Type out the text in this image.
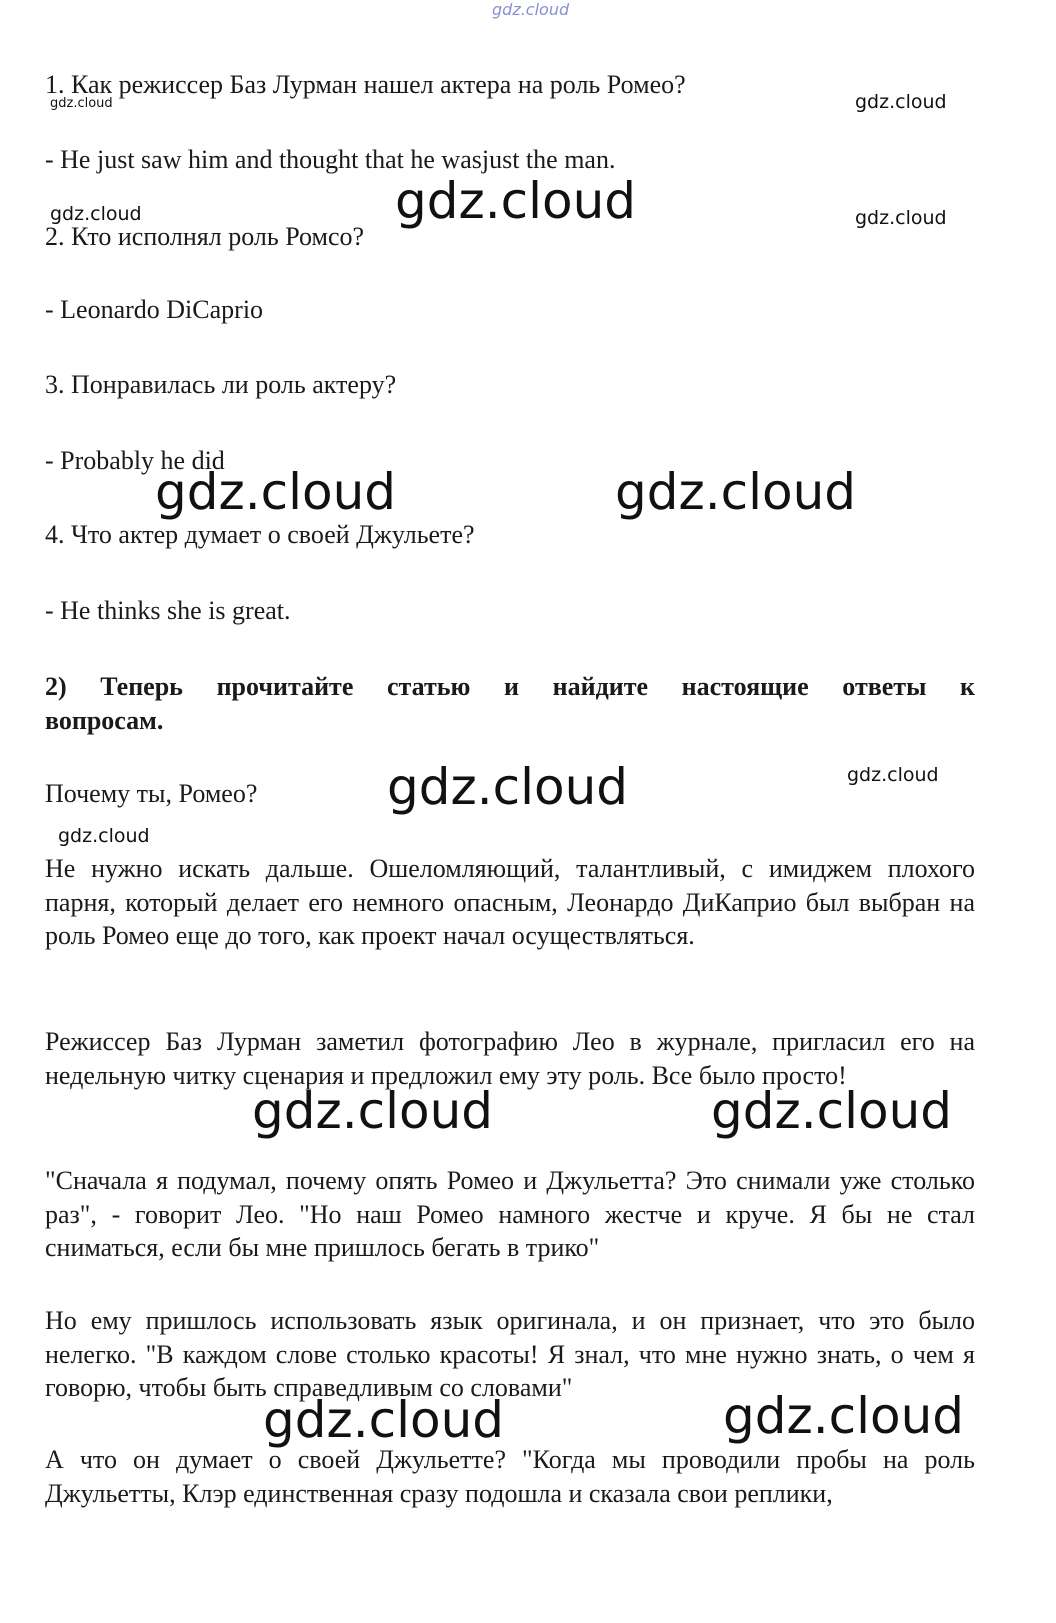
gdz.cloud
gdz.cloud	gdz.cloud
gdz.cloud
gdz.cloud	gdz.cloud
gdz.cloud	gdz.cloud
gdz.cloud	gdz.cloud
gdz.cloud
gdz.cloud	gdz.cloud
gdz.cloud	gdz.cloud
1. Как режиссер Баз Лурман нашел актера на роль Ромео?
- He just saw him and thought that he wasjust the man.
2. Кто исполнял роль Ромсо?
- Leonardo DiCaprio
3. Понравилась ли роль актеру?
- Probably he did
4. Что актер думает о своей Джульете?
- He thinks she is great.
2) Теперь прочитайте статью и найдите настоящие ответы к вопросам.
Почему ты, Ромео?
Не нужно искать дальше. Ошеломляющий, талантливый, с имиджем плохого парня, который делает его немного опасным, Леонардо ДиКаприо был выбран на роль Ромео еще до того, как проект начал осуществляться.
Режиссер Баз Лурман заметил фотографию Лео в журнале, пригласил его на недельную читку сценария и предложил ему эту роль. Все было просто!
"Сначала я подумал, почему опять Ромео и Джульетта? Это снимали уже столько раз", - говорит Лео. "Но наш Ромео намного жестче и круче. Я бы не стал сниматься, если бы мне пришлось бегать в трико"
Но ему пришлось использовать язык оригинала, и он признает, что это было нелегко. "В каждом слове столько красоты! Я знал, что мне нужно знать, о чем я говорю, чтобы быть справедливым со словами"
А что он думает о своей Джульетте? "Когда мы проводили пробы на роль Джульетты, Клэр единственная сразу подошла и сказала свои реплики,
